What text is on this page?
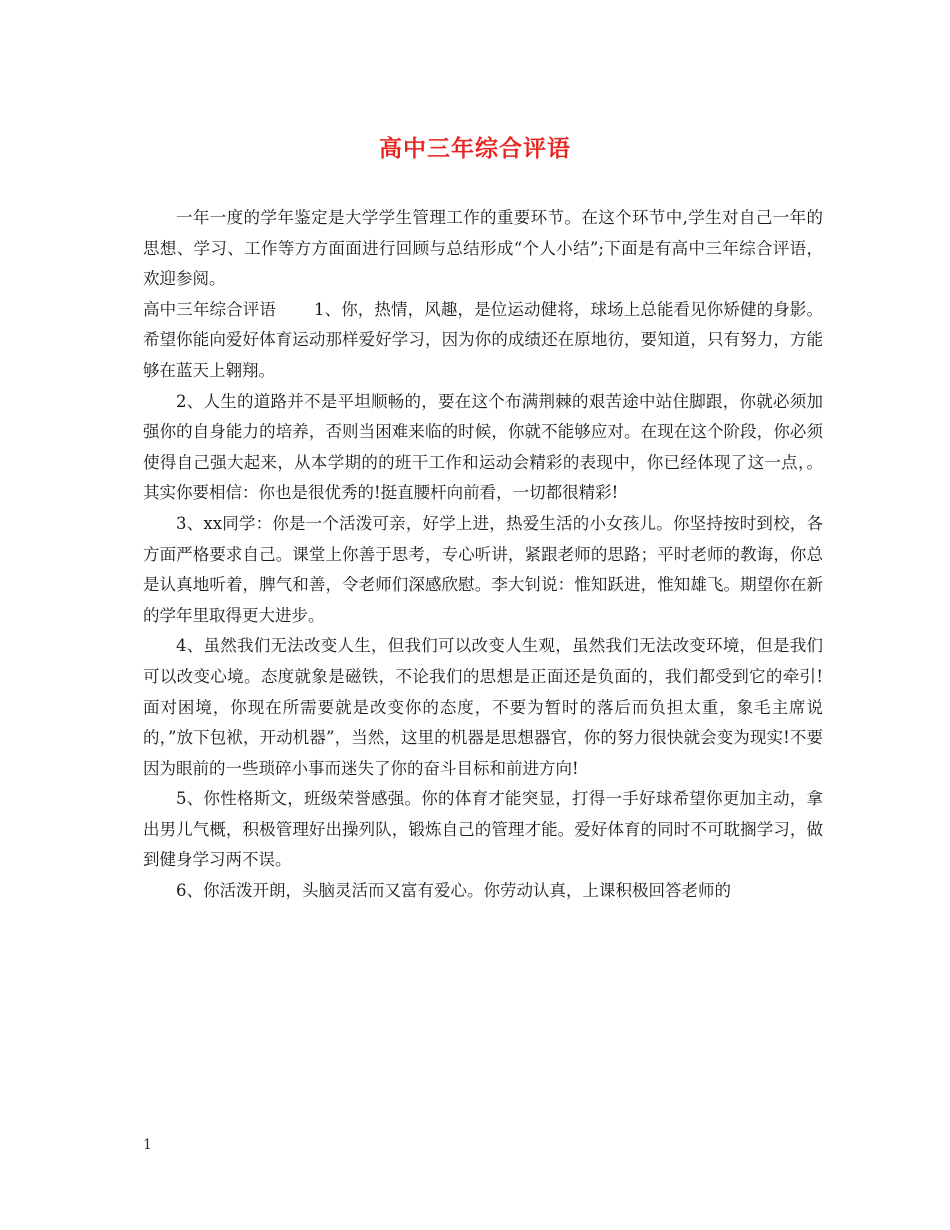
高中三年综合评语

一年一度的学年鉴定是大学学生管理工作的重要环节。在这个环节中,学生对自己一年的思想、学习、工作等方方面面进行回顾与总结形成“个人小结”;下面是有高中三年综合评语，欢迎参阅。

高中三年综合评语 1、你，热情，风趣，是位运动健将，球场上总能看见你矫健的身影。希望你能向爱好体育运动那样爱好学习，因为你的成绩还在原地彷，要知道，只有努力，方能够在蓝天上翱翔。

2、人生的道路并不是平坦顺畅的，要在这个布满荆棘的艰苦途中站住脚跟，你就必须加强你的自身能力的培养，否则当困难来临的时候，你就不能够应对。在现在这个阶段，你必须使得自己强大起来，从本学期的的班干工作和运动会精彩的表现中，你已经体现了这一点，。其实你要相信：你也是很优秀的!挺直腰杆向前看，一切都很精彩!

3、xx同学：你是一个活泼可亲，好学上进，热爱生活的小女孩儿。你坚持按时到校，各方面严格要求自己。课堂上你善于思考，专心听讲，紧跟老师的思路；平时老师的教诲，你总是认真地听着，脾气和善，令老师们深感欣慰。李大钊说：惟知跃进，惟知雄飞。期望你在新的学年里取得更大进步。

4、虽然我们无法改变人生，但我们可以改变人生观，虽然我们无法改变环境，但是我们可以改变心境。态度就象是磁铁，不论我们的思想是正面还是负面的，我们都受到它的牵引!面对困境，你现在所需要就是改变你的态度，不要为暂时的落后而负担太重，象毛主席说的，”放下包袱，开动机器”，当然，这里的机器是思想器官，你的努力很快就会变为现实!不要因为眼前的一些琐碎小事而迷失了你的奋斗目标和前进方向!

5、你性格斯文，班级荣誉感强。你的体育才能突显，打得一手好球希望你更加主动，拿出男儿气概，积极管理好出操列队，锻炼自己的管理才能。爱好体育的同时不可耽搁学习，做到健身学习两不误。

6、你活泼开朗，头脑灵活而又富有爱心。你劳动认真，上课积极回答老师的

1
